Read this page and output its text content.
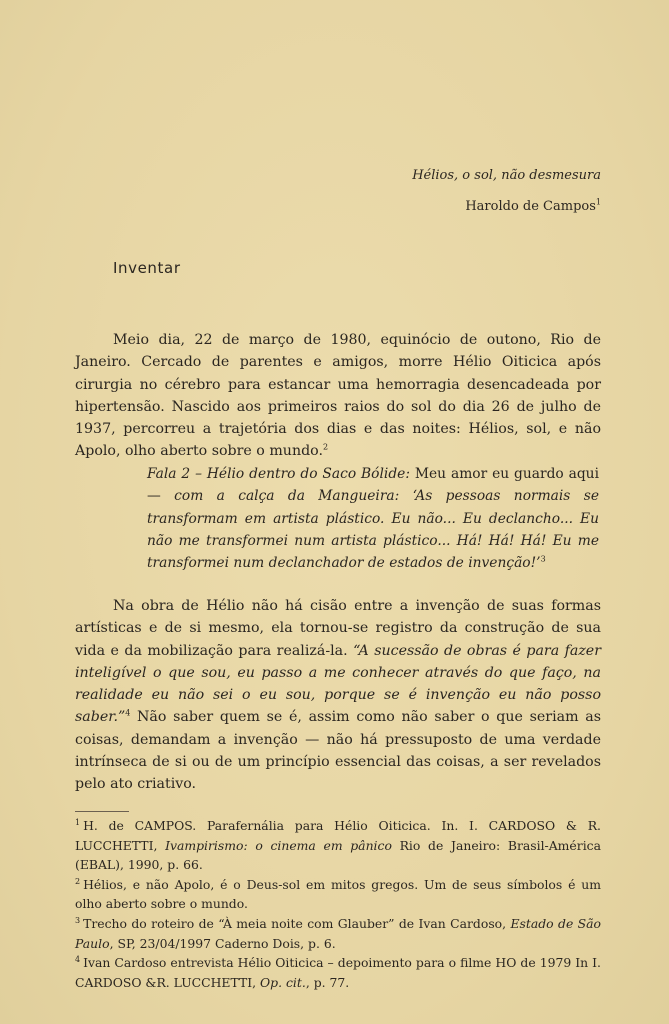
Hélios, o sol, não desmesura
Haroldo de Campos$^1$
Inventar

Meio dia, 22 de março de 1980, equinócio de outono, Rio de Janeiro. Cercado de parentes e amigos, morre Hélio Oiticica após cirurgia no cérebro para estancar uma hemorragia desencadeada por hipertensão. Nascido aos primeiros raios do sol do dia 26 de julho de 1937, percorreu a trajetória dos dias e das noites: Hélios, sol, e não Apolo, olho aberto sobre o mundo.$^2$

Fala 2 – Hélio dentro do Saco Bólide: Meu amor eu guardo aqui — com a calça da Mangueira: ‘As pessoas normais se transformam em artista plástico. Eu não... Eu declancho... Eu não me transformei num artista plástico... Há! Há! Há! Eu me transformei num declanchador de estados de invenção!’$^3$

Na obra de Hélio não há cisão entre a invenção de suas formas artísticas e de si mesmo, ela tornou-se registro da construção de sua vida e da mobilização para realizá-la. “A sucessão de obras é para fazer inteligível o que sou, eu passo a me conhecer através do que faço, na realidade eu não sei o eu sou, porque se é invenção eu não posso saber.”$^4$ Não saber quem se é, assim como não saber o que seriam as coisas, demandam a invenção — não há pressuposto de uma verdade intrínseca de si ou de um princípio essencial das coisas, a ser revelados pelo ato criativo.

$^1$ H. de CAMPOS. Parafernália para Hélio Oiticica. In. I. CARDOSO & R. LUCCHETTI, Ivampirismo: o cinema em pânico Rio de Janeiro: Brasil-América (EBAL), 1990, p. 66.

$^2$ Hélios, e não Apolo, é o Deus-sol em mitos gregos. Um de seus símbolos é um olho aberto sobre o mundo.

$^3$ Trecho do roteiro de “À meia noite com Glauber” de Ivan Cardoso, Estado de São Paulo, SP, 23/04/1997 Caderno Dois, p. 6.

$^4$ Ivan Cardoso entrevista Hélio Oiticica – depoimento para o filme HO de 1979 In I. CARDOSO &R. LUCCHETTI, Op. cit., p. 77.
